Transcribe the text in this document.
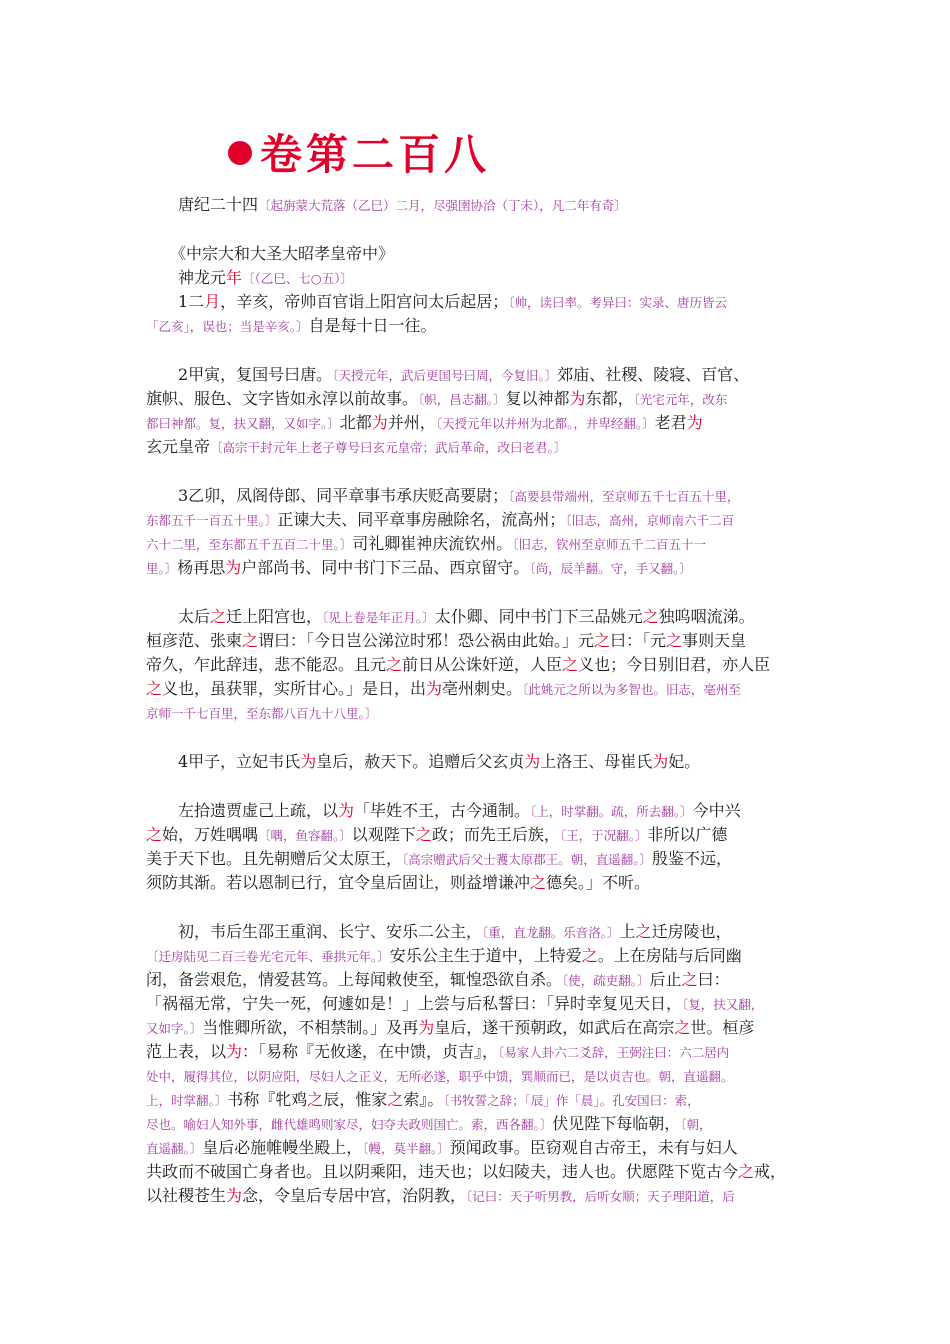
卷第二百八
　　唐纪二十四〔起旃蒙大荒落（乙巳）二月，尽强圉协洽（丁未），凡二年有奇〕
　　《中宗大和大圣大昭孝皇帝中》
　　神龙元年〔（乙巳、七○五）〕
　　1二月，辛亥，帝帅百官诣上阳宫问太后起居；〔帅，读曰率。考异曰：实录、唐历皆云
「乙亥」，误也；当是辛亥。〕自是每十日一往。
　　2甲寅，复国号曰唐。〔天授元年，武后更国号曰周，今复旧。〕郊庙、社稷、陵寝、百官、
旗帜、服色、文字皆如永淳以前故事。〔帜，昌志翻。〕复以神都为东都，〔光宅元年，改东
都曰神都。复，扶又翻，又如字。〕北都为并州，〔天授元年以并州为北都。，并卑经翻。〕老君为
玄元皇帝〔高宗干封元年上老子尊号曰玄元皇帝；武后革命，改曰老君。〕
　　3乙卯，凤阁侍郎、同平章事韦承庆贬高要尉；〔高要县带端州，至京师五千七百五十里，
东都五千一百五十里。〕正谏大夫、同平章事房融除名，流高州；〔旧志，高州，京师南六千二百
六十二里，至东都五千五百二十里。〕司礼卿崔神庆流钦州。〔旧志，钦州至京师五千二百五十一
里。〕杨再思为户部尚书、同中书门下三品、西京留守。〔尚，辰羊翻。守，手又翻。〕
　　太后之迁上阳宫也，〔见上卷是年正月。〕太仆卿、同中书门下三品姚元之独呜咽流涕。
桓彦范、张柬之谓曰：「今日岂公涕泣时邪！恐公祸由此始。」元之曰：「元之事则天皇
帝久，乍此辞违，悲不能忍。且元之前日从公诛奸逆，人臣之义也；今日别旧君，亦人臣
之义也，虽获罪，实所甘心。」是日，出为亳州刺史。〔此姚元之所以为多智也。旧志，亳州至
京师一千七百里，至东都八百九十八里。〕
　　4甲子，立妃韦氏为皇后，赦天下。追赠后父玄贞为上洛王、母崔氏为妃。
　　左拾遗贾虚己上疏，以为「毕姓不王，古今通制。〔上，时掌翻。疏，所去翻。〕今中兴
之始，万姓喁喁〔喁，鱼容翻。〕以观陛下之政；而先王后族，〔王，于况翻。〕非所以广德
美于天下也。且先朝赠后父太原王，〔高宗赠武后父士彟太原郡王。朝，直遥翻。〕殷鉴不远，
须防其渐。若以恩制已行，宜令皇后固让，则益增谦冲之德矣。」不听。
　　初，韦后生邵王重润、长宁、安乐二公主，〔重，直龙翻。乐音洛。〕上之迁房陵也，
〔迁房陆见二百三卷光宅元年、垂拱元年。〕安乐公主生于道中，上特爱之。上在房陆与后同幽
闭，备尝艰危，情爱甚笃。上每闻敕使至，辄惶恐欲自杀。〔使，疏吏翻。〕后止之曰：
「祸福无常，宁失一死，何遽如是！」上尝与后私誓曰：「异时幸复见天日，〔复，扶又翻，
又如字。〕当惟卿所欲，不相禁制。」及再为皇后，遂干预朝政，如武后在高宗之世。桓彦
范上表，以为：「易称『无攸遂，在中馈，贞吉』，〔易家人卦六二爻辞，王弼注曰：六二居内
处中，履得其位，以阴应阳，尽妇人之正义，无所必遂，职乎中馈，巽顺而已，是以贞吉也。朝，直遥翻。
上，时掌翻。〕书称『牝鸡之辰，惟家之索』。〔书牧誓之辞；「辰」作「晨」。孔安国曰：索，
尽也。喻妇人知外事，雌代雄鸣则家尽，妇夺夫政则国亡。索，西各翻。〕伏见陛下每临朝，〔朝，
直遥翻。〕皇后必施帷幔坐殿上，〔幔，莫半翻。〕预闻政事。臣窃观自古帝王，未有与妇人
共政而不破国亡身者也。且以阴乘阳，违天也；以妇陵夫，违人也。伏愿陛下览古今之戒，
以社稷苍生为念，令皇后专居中宫，治阴教，〔记曰：天子听男教，后听女顺；天子理阳道，后
